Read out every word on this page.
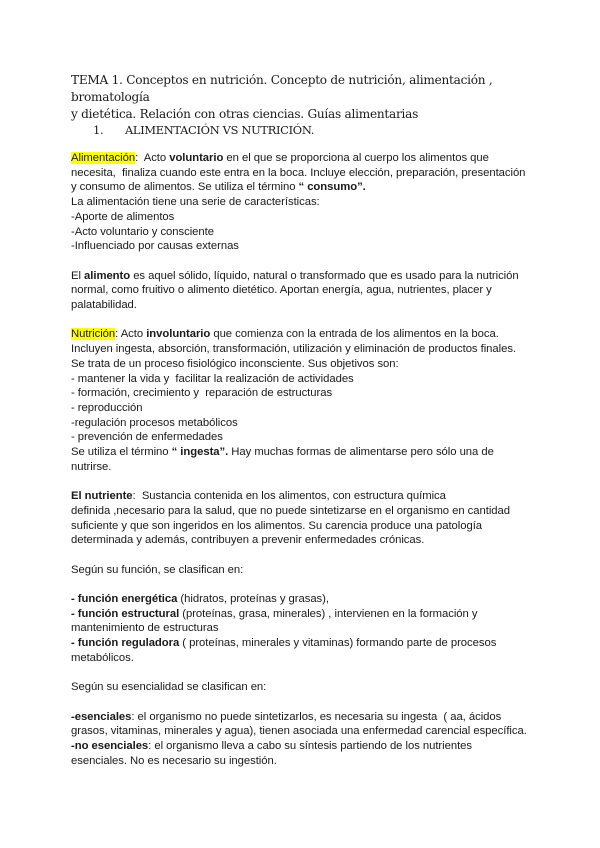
TEMA 1. Conceptos en nutrición. Concepto de nutrición, alimentación , bromatología
y dietética. Relación con otras ciencias. Guías alimentarias
1. ALIMENTACIÓN VS NUTRICIÓN.
Alimentación:  Acto voluntario en el que se proporciona al cuerpo los alimentos que
necesita,  finaliza cuando este entra en la boca. Incluye elección, preparación, presentación
y consumo de alimentos. Se utiliza el término “ consumo”.
La alimentación tiene una serie de características:
-Aporte de alimentos
-Acto voluntario y consciente
-Influenciado por causas externas
El alimento es aquel sólido, líquido, natural o transformado que es usado para la nutrición
normal, como fruitivo o alimento dietético. Aportan energía, agua, nutrientes, placer y
palatabilidad.
Nutrición: Acto involuntario que comienza con la entrada de los alimentos en la boca.
Incluyen ingesta, absorción, transformación, utilización y eliminación de productos finales.
Se trata de un proceso fisiológico inconsciente. Sus objetivos son:
- mantener la vida y  facilitar la realización de actividades
- formación, crecimiento y  reparación de estructuras
- reproducción
-regulación procesos metabólicos
- prevención de enfermedades
Se utiliza el término “ ingesta”. Hay muchas formas de alimentarse pero sólo una de
nutrirse.
El nutriente:  Sustancia contenida en los alimentos, con estructura química
definida ,necesario para la salud, que no puede sintetizarse en el organismo en cantidad
suficiente y que son ingeridos en los alimentos. Su carencia produce una patología
determinada y además, contribuyen a prevenir enfermedades crónicas.
Según su función, se clasifican en:
- función energética (hidratos, proteínas y grasas),
- función estructural (proteínas, grasa, minerales) , intervienen en la formación y
mantenimiento de estructuras
- función reguladora ( proteínas, minerales y vitaminas) formando parte de procesos
metabólicos.
Según su esencialidad se clasifican en:
-esenciales: el organismo no puede sintetizarlos, es necesaria su ingesta  ( aa, ácidos
grasos, vitaminas, minerales y agua), tienen asociada una enfermedad carencial específica.
-no esenciales: el organismo lleva a cabo su síntesis partiendo de los nutrientes
esenciales. No es necesario su ingestión.
